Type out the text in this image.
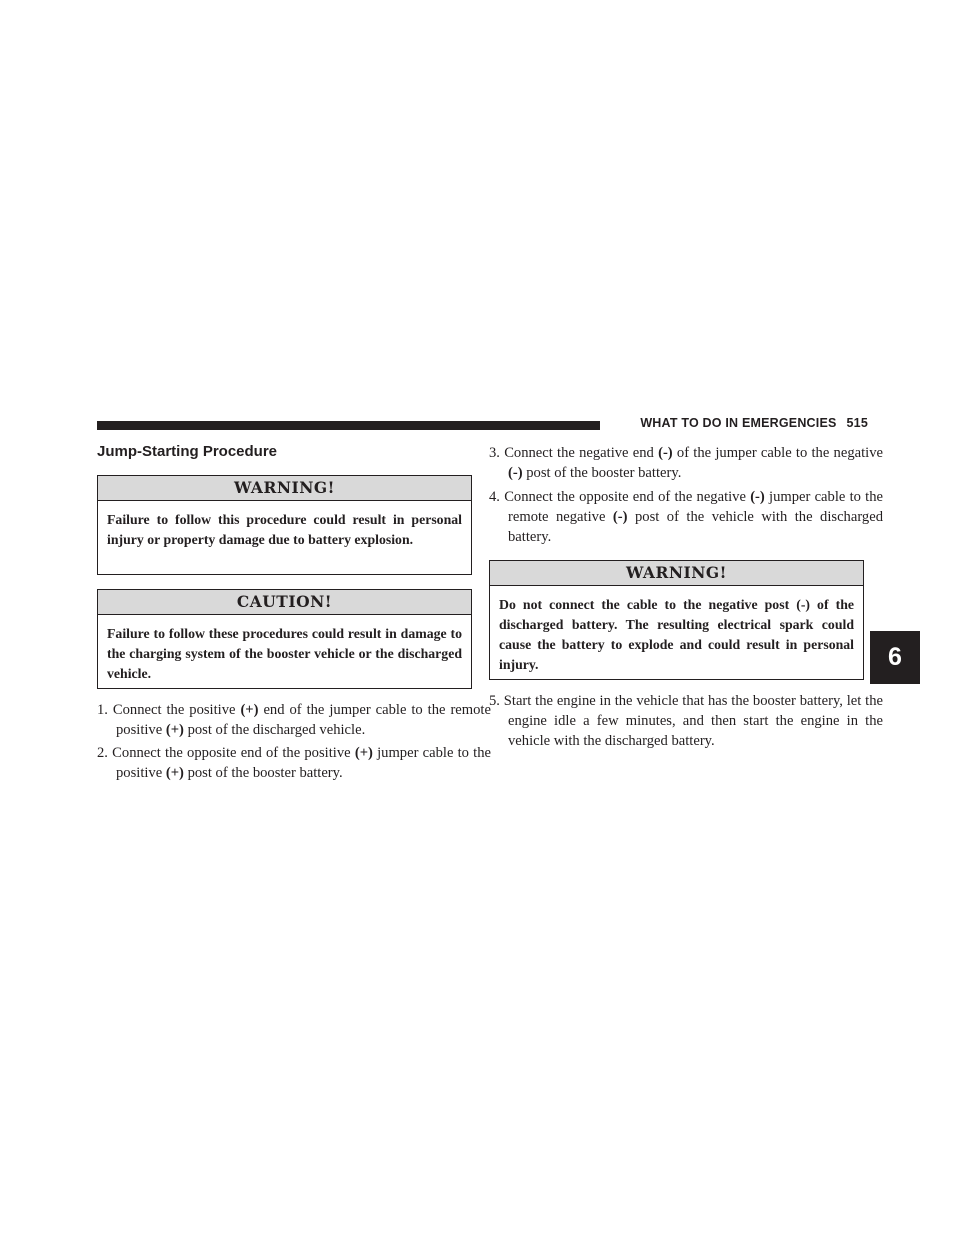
WHAT TO DO IN EMERGENCIES 515
Jump-Starting Procedure
WARNING!
Failure to follow this procedure could result in personal injury or property damage due to battery explosion.
CAUTION!
Failure to follow these procedures could result in damage to the charging system of the booster vehicle or the discharged vehicle.
1. Connect the positive (+) end of the jumper cable to the remote positive (+) post of the discharged vehicle.
2. Connect the opposite end of the positive (+) jumper cable to the positive (+) post of the booster battery.
3. Connect the negative end (-) of the jumper cable to the negative (-) post of the booster battery.
4. Connect the opposite end of the negative (-) jumper cable to the remote negative (-) post of the vehicle with the discharged battery.
WARNING!
Do not connect the cable to the negative post (-) of the discharged battery. The resulting electrical spark could cause the battery to explode and could result in personal injury.
5. Start the engine in the vehicle that has the booster battery, let the engine idle a few minutes, and then start the engine in the vehicle with the discharged battery.
6
